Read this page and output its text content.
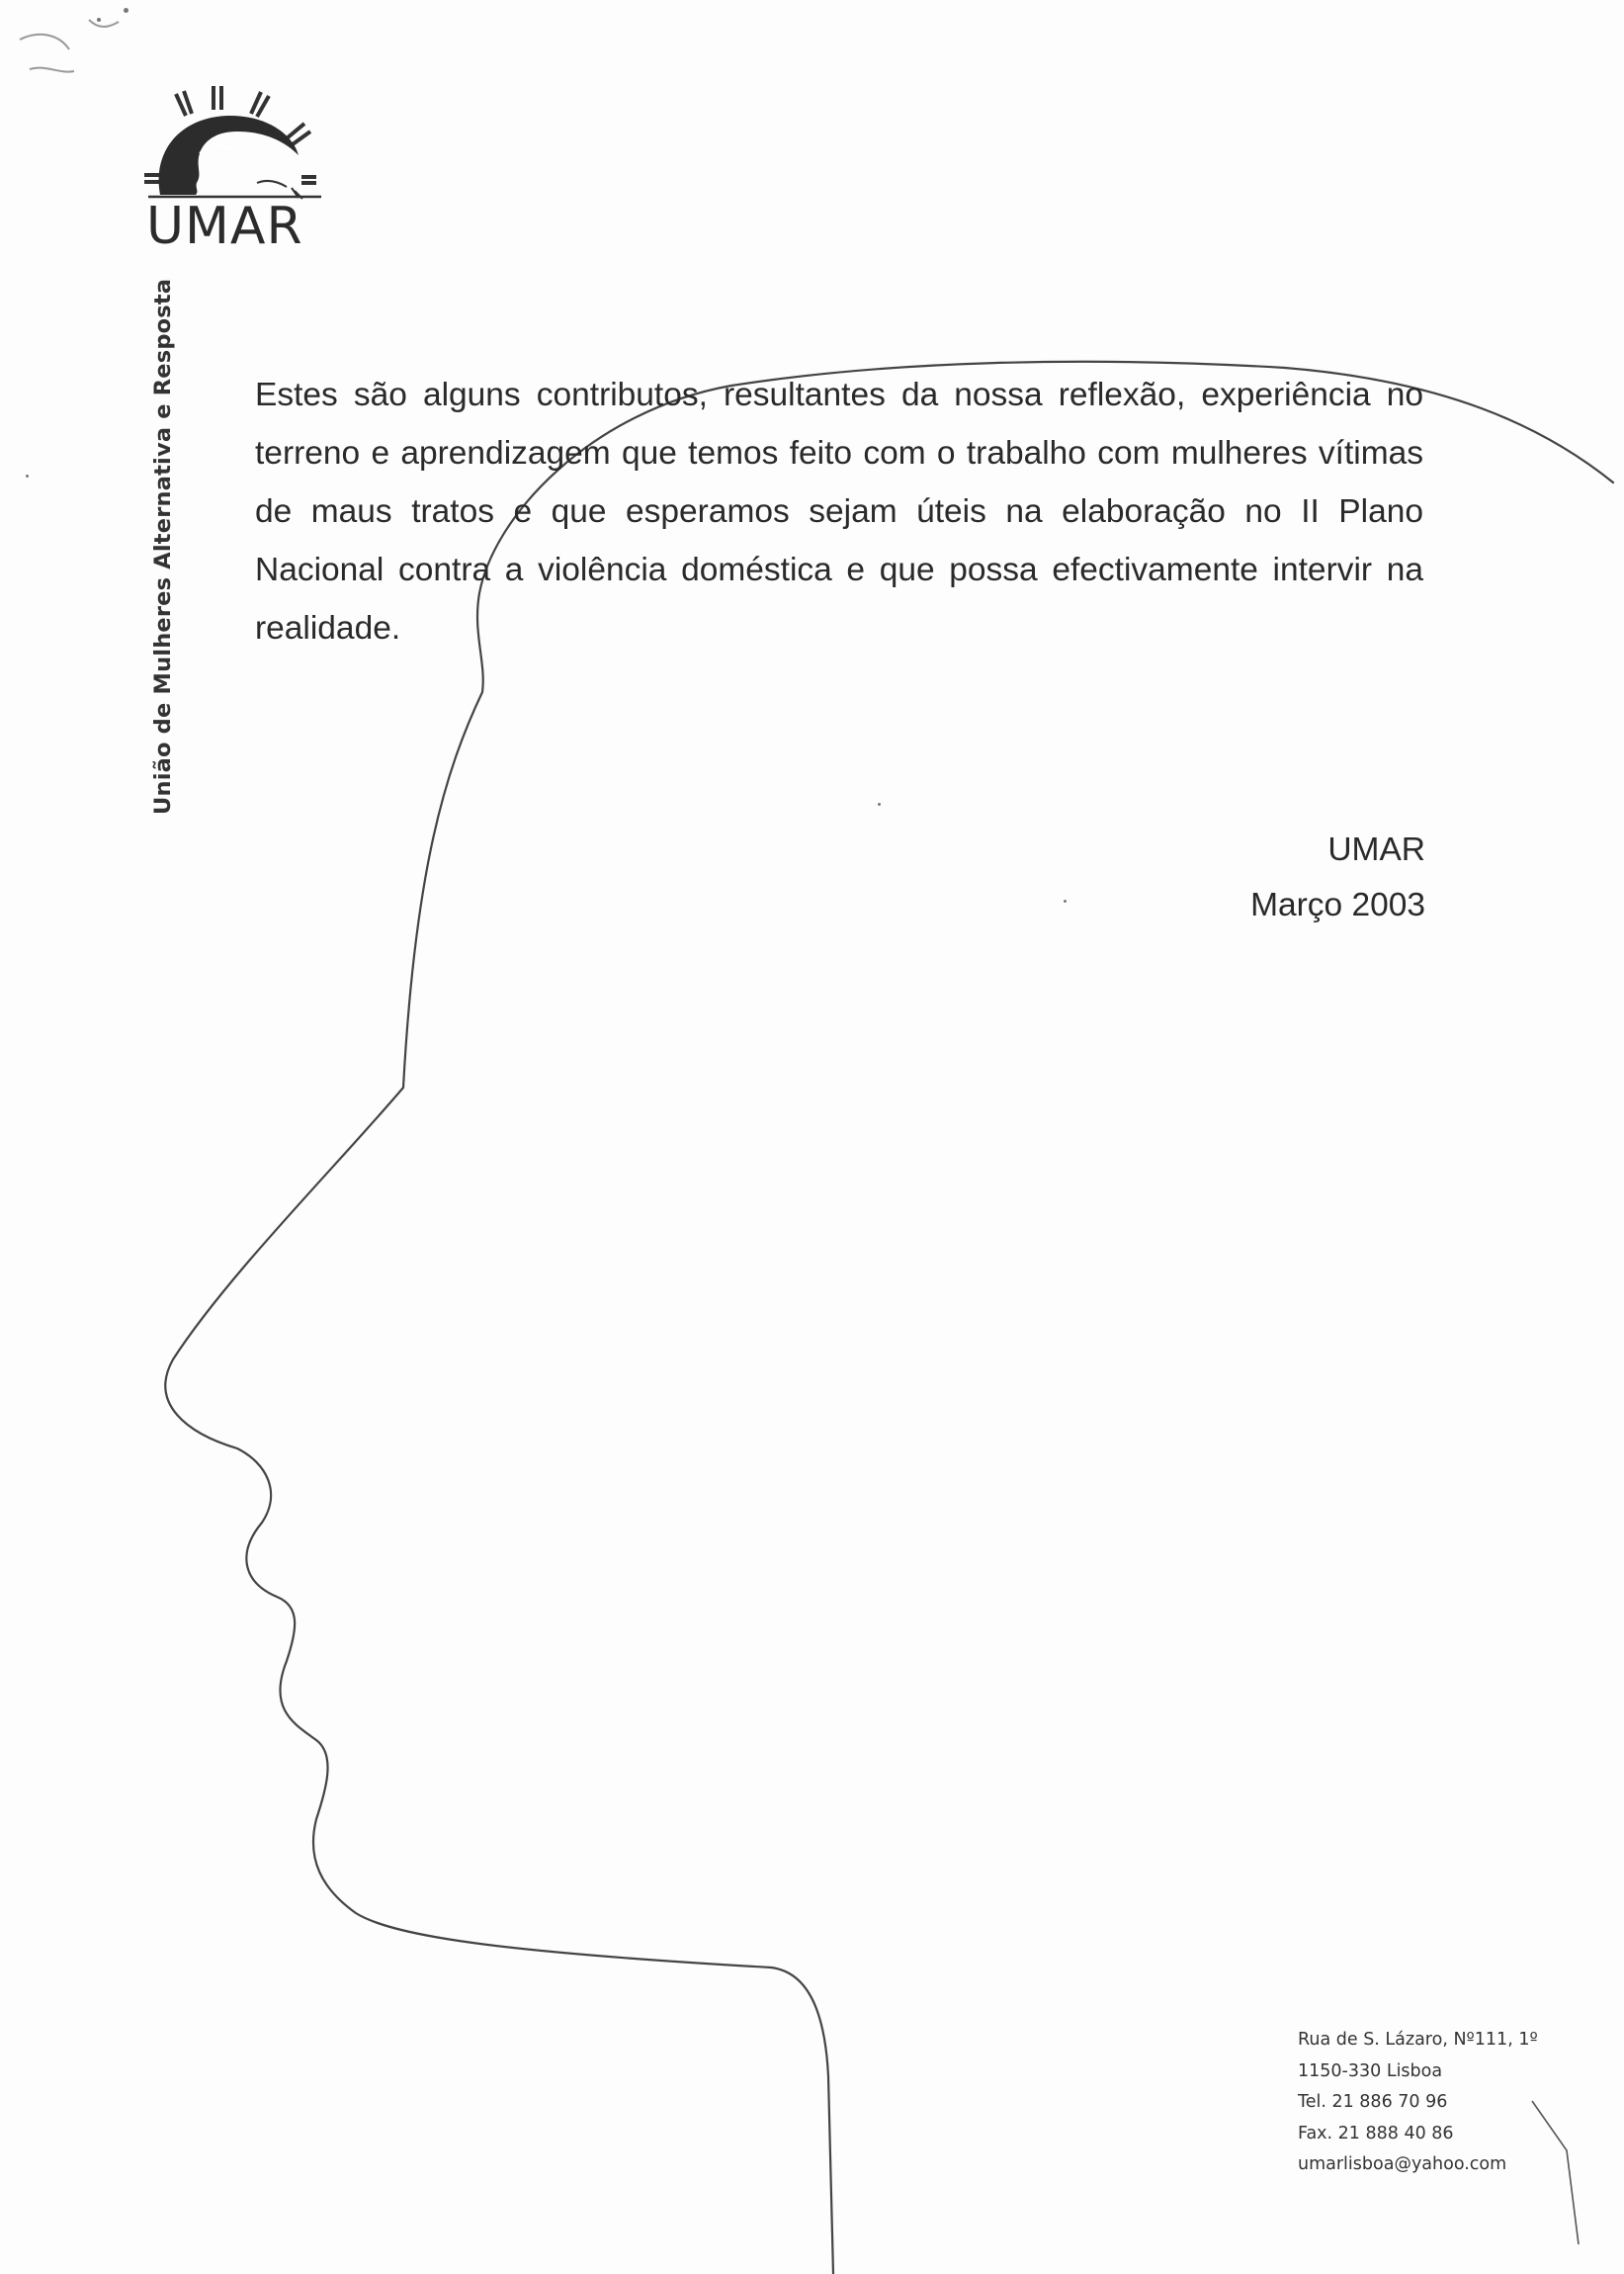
UMAR
União de Mulheres Alternativa e Resposta Estes são alguns contributos, resultantes da nossa reflexão, experiência no terreno e aprendizagem que temos feito com o trabalho com mulheres vítimas de maus tratos e que esperamos sejam úteis na elaboração no II Plano Nacional contra a violência doméstica e que possa efectivamente intervir na realidade.
UMAR
Março 2003
Rua de S. Lázaro, Nº111, 1º
1150-330 Lisboa
Tel. 21 886 70 96
Fax. 21 888 40 86
umarlisboa@yahoo.com
